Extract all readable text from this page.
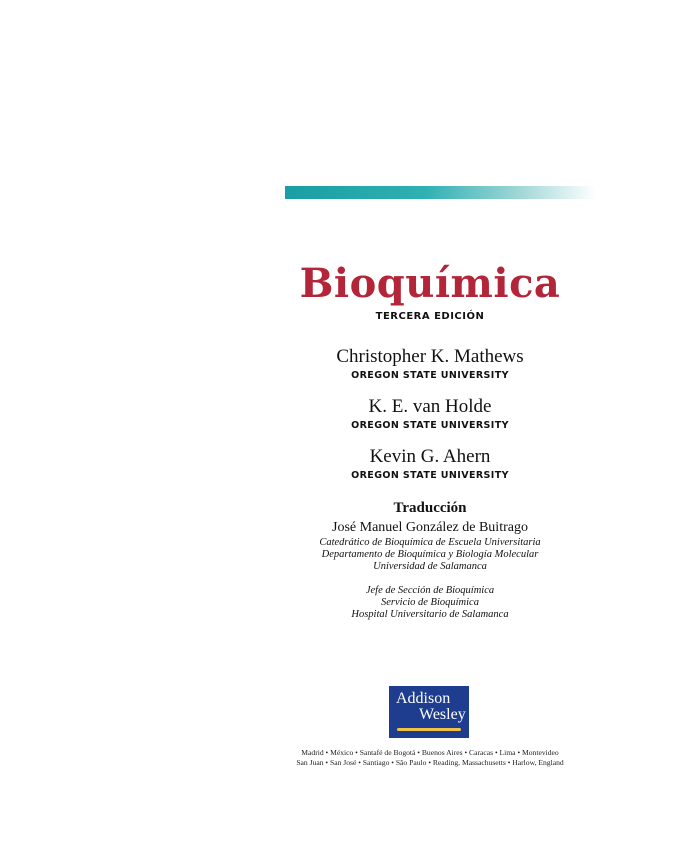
Bioquímica
TERCERA EDICIÓN
Christopher K. Mathews
OREGON STATE UNIVERSITY
K. E. van Holde
OREGON STATE UNIVERSITY
Kevin G. Ahern
OREGON STATE UNIVERSITY
Traducción
José Manuel González de Buitrago
Catedrático de Bioquímica de Escuela Universitaria
Departamento de Bioquímica y Biología Molecular
Universidad de Salamanca
Jefe de Sección de Bioquímica
Servicio de Bioquímica
Hospital Universitario de Salamanca
Addison
Wesley
Madrid • México • Santafé de Bogotá • Buenos Aires • Caracas • Lima • Montevideo
San Juan • San José • Santiago • São Paulo • Reading, Massachusetts • Harlow, England
